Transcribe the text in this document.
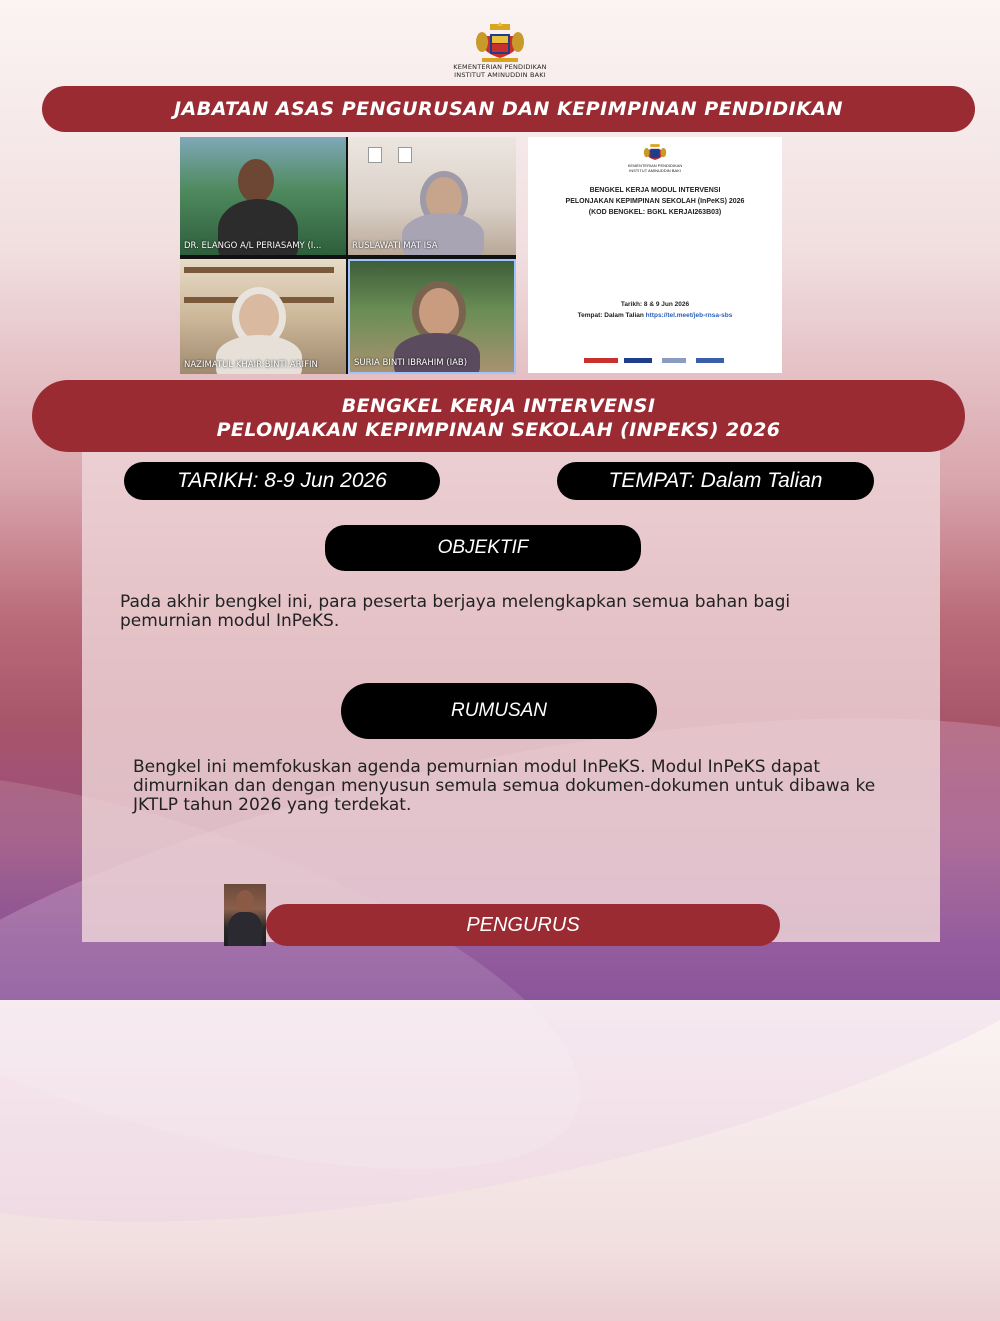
KEMENTERIAN PENDIDIKAN
INSTITUT AMINUDDIN BAKI
JABATAN ASAS PENGURUSAN DAN KEPIMPINAN PENDIDIKAN
DR. ELANGO A/L PERIASAMY (I...	RUSLAWATI MAT ISA
NAZIMATUL KHAIR BINTI ARIFIN	SURIA BINTI IBRAHIM (IAB)
KEMENTERIAN PENDIDIKAN
INSTITUT AMINUDDIN BAKI
BENGKEL KERJA MODUL INTERVENSI
PELONJAKAN KEPIMPINAN SEKOLAH (InPeKS) 2026
(KOD BENGKEL: BGKL KERJAI263B03)
Tarikh: 8 & 9 Jun 2026
Tempat: Dalam Talian https://tel.meet/jeb-rnsa-sbs
BENGKEL KERJA INTERVENSI
PELONJAKAN KEPIMPINAN SEKOLAH (INPEKS) 2026
TARIKH: 8-9 Jun 2026	TEMPAT: Dalam Talian
OBJEKTIF
Pada akhir bengkel ini, para peserta berjaya melengkapkan semua bahan bagi pemurnian modul InPeKS.
RUMUSAN
Bengkel ini memfokuskan agenda pemurnian modul InPeKS. Modul InPeKS dapat dimurnikan dan dengan menyusun semula semua dokumen-dokumen untuk dibawa ke JKTLP tahun 2026 yang terdekat.
PENGURUS
